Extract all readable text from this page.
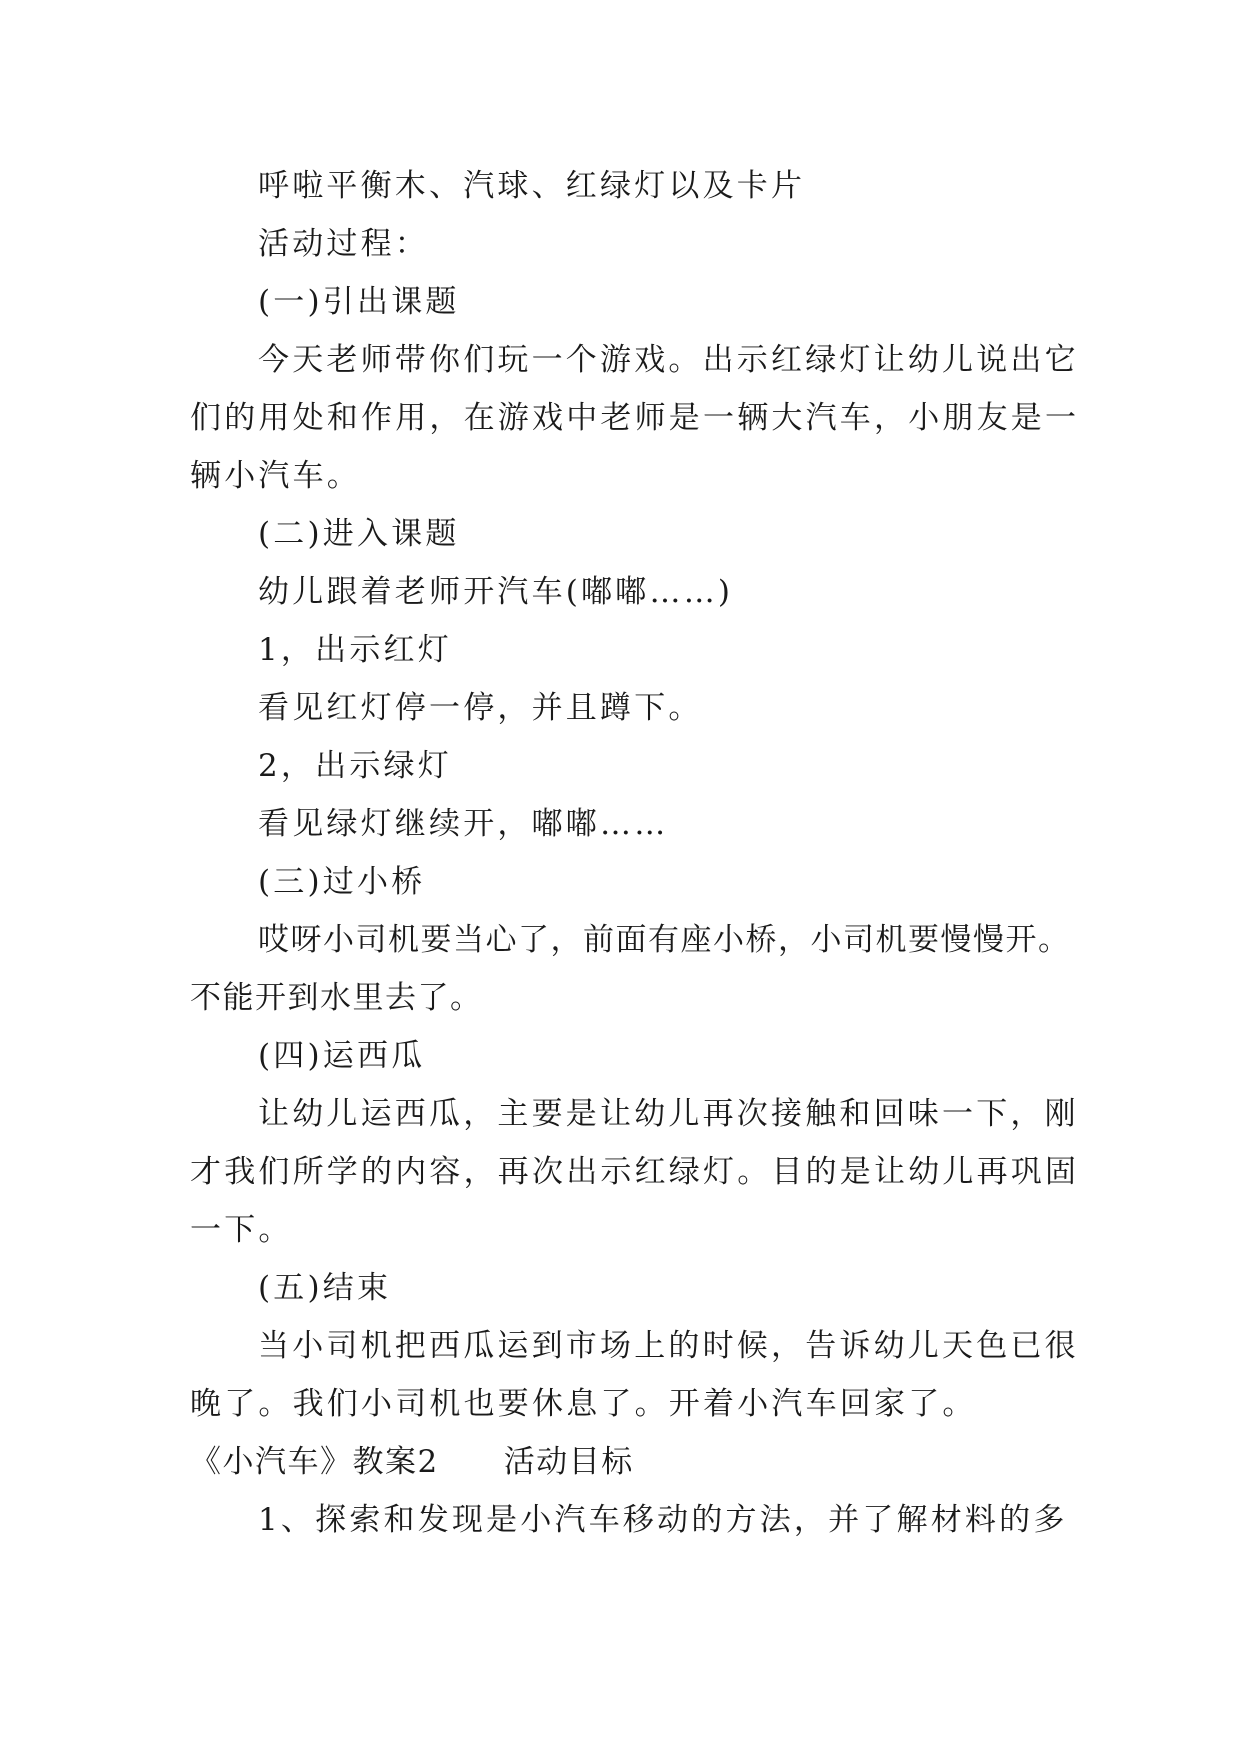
呼啦平衡木、汽球、红绿灯以及卡片
活动过程：
(一)引出课题
今天老师带你们玩一个游戏。出示红绿灯让幼儿说出它
们的用处和作用，在游戏中老师是一辆大汽车，小朋友是一
辆小汽车。
(二)进入课题
幼儿跟着老师开汽车(嘟嘟……)
1，出示红灯
看见红灯停一停，并且蹲下。
2，出示绿灯
看见绿灯继续开，嘟嘟……
(三)过小桥
哎呀小司机要当心了，前面有座小桥，小司机要慢慢开。
不能开到水里去了。
(四)运西瓜
让幼儿运西瓜，主要是让幼儿再次接触和回味一下，刚
才我们所学的内容，再次出示红绿灯。目的是让幼儿再巩固
一下。
(五)结束
当小司机把西瓜运到市场上的时候，告诉幼儿天色已很
晚了。我们小司机也要休息了。开着小汽车回家了。
《小汽车》教案2　　活动目标
1、探索和发现是小汽车移动的方法，并了解材料的多
